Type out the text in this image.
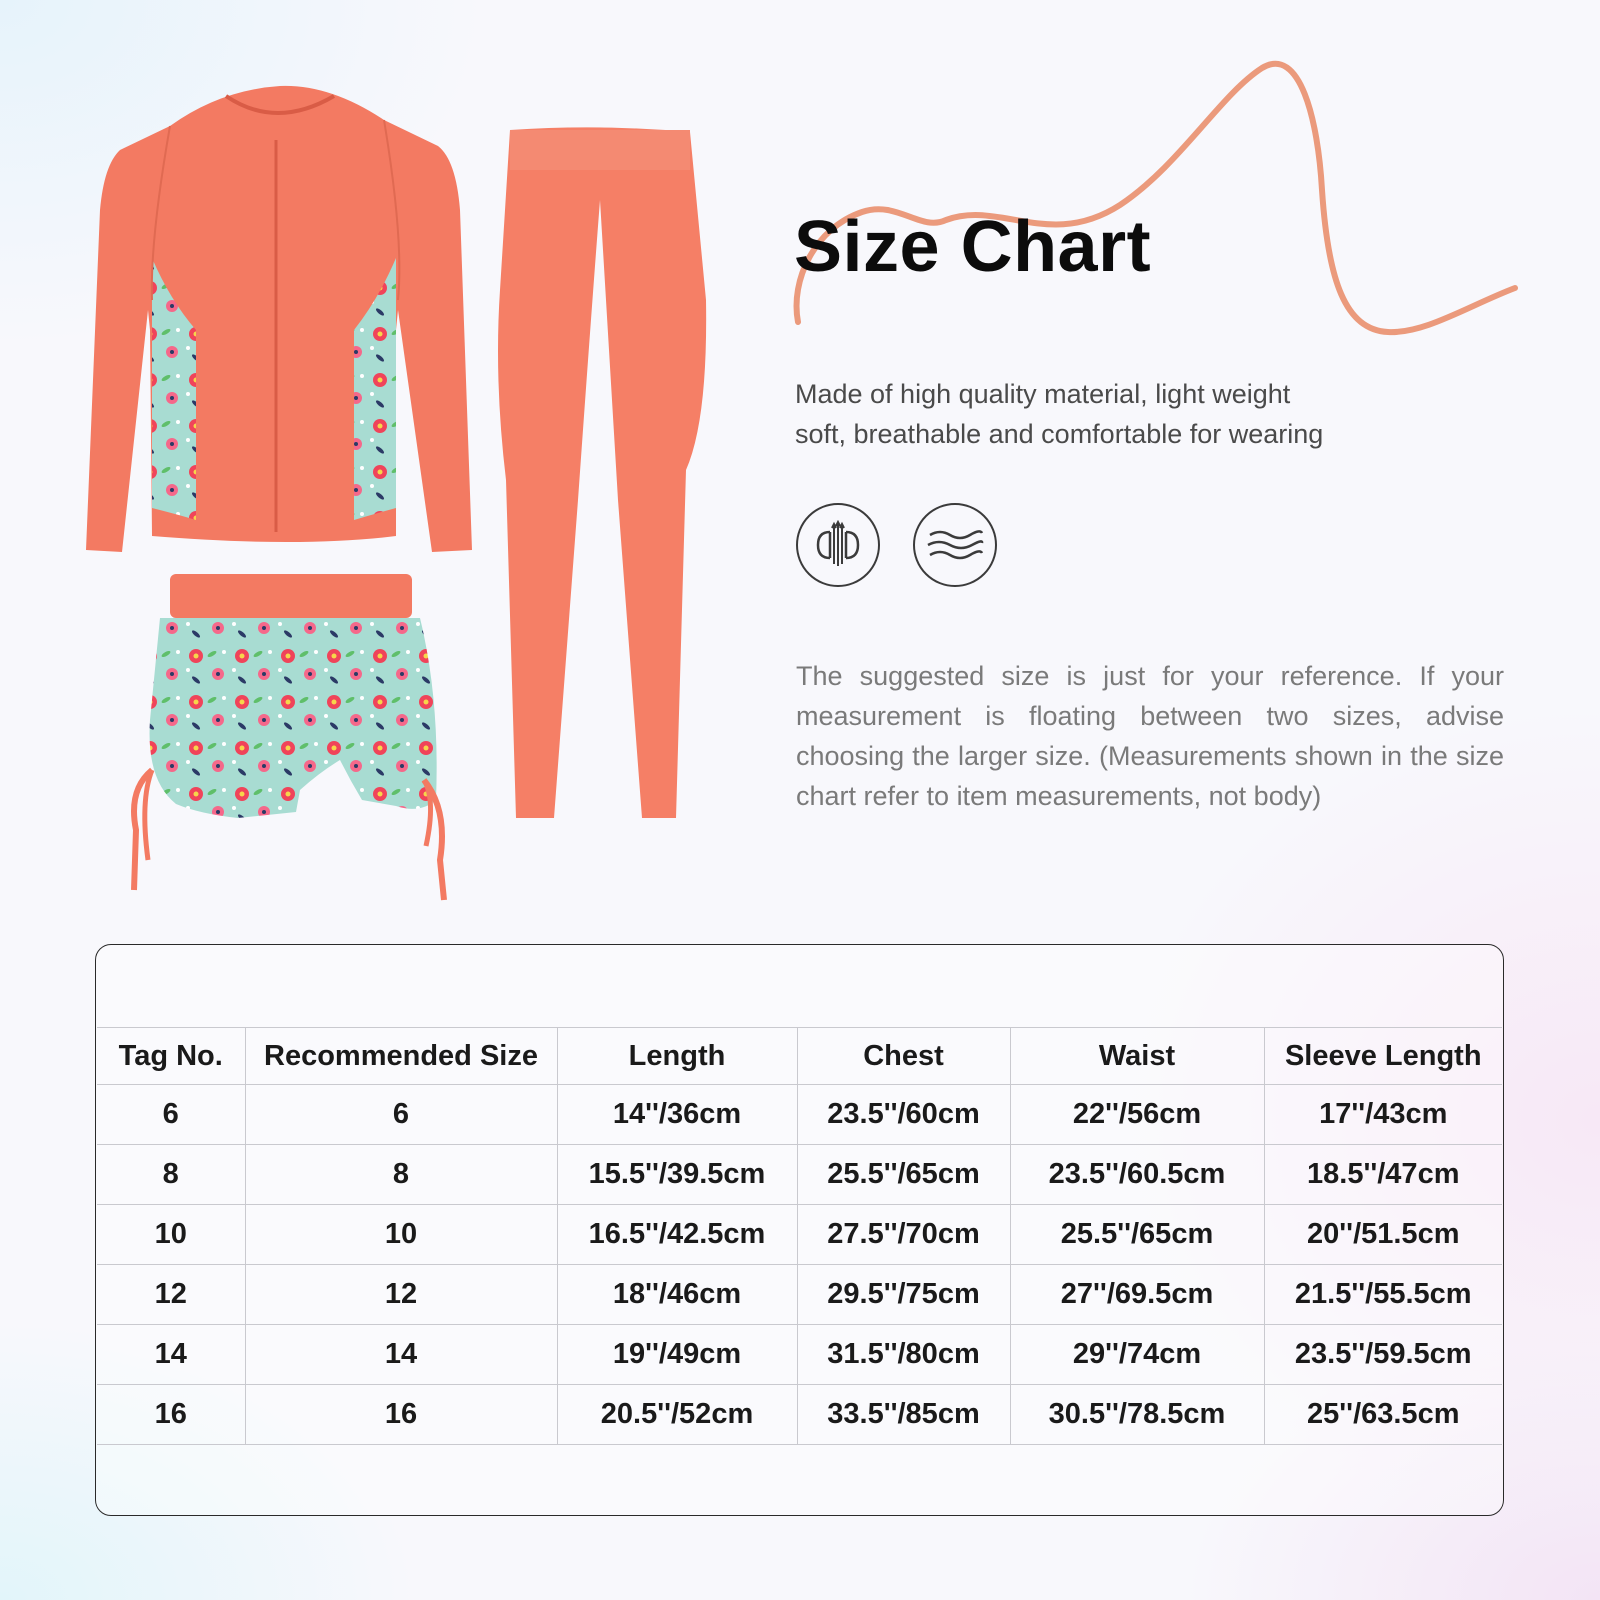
Size Chart
Made of high quality material, light weight
soft, breathable and comfortable for wearing
The suggested size is just for your reference. If your measurement is floating between two sizes, advise choosing the larger size. (Measurements shown in the size chart refer to item measurements, not body)
Tag No.	Recommended Size	Length	Chest	Waist	Sleeve Length
6	6	14''/36cm	23.5''/60cm	22''/56cm	17''/43cm
8	8	15.5''/39.5cm	25.5''/65cm	23.5''/60.5cm	18.5''/47cm
10	10	16.5''/42.5cm	27.5''/70cm	25.5''/65cm	20''/51.5cm
12	12	18''/46cm	29.5''/75cm	27''/69.5cm	21.5''/55.5cm
14	14	19''/49cm	31.5''/80cm	29''/74cm	23.5''/59.5cm
16	16	20.5''/52cm	33.5''/85cm	30.5''/78.5cm	25''/63.5cm
